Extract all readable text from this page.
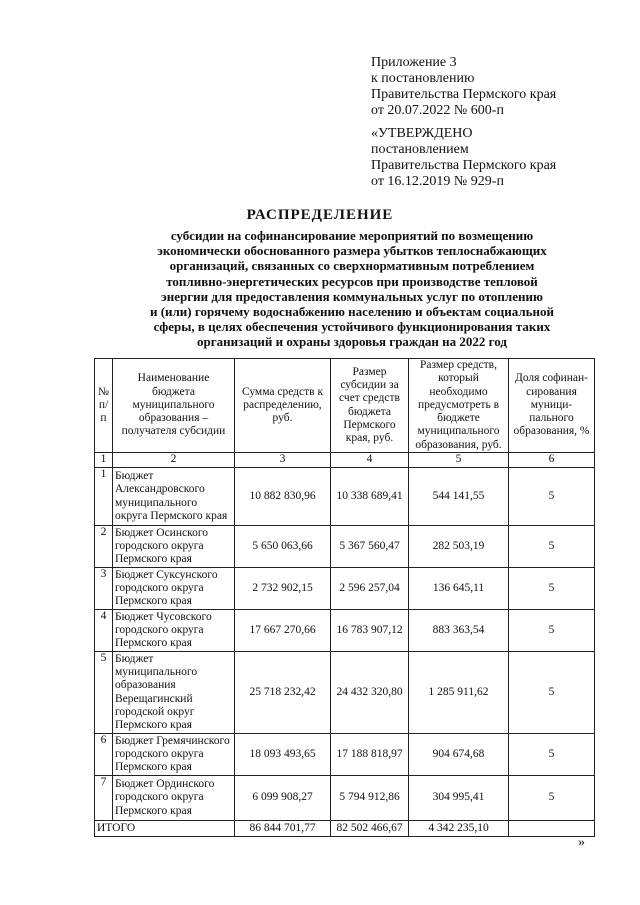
Приложение 3
к постановлению
Правительства Пермского края
от 20.07.2022 № 600-п
«УТВЕРЖДЕНО
постановлением
Правительства Пермского края
от 16.12.2019 № 929-п
РАСПРЕДЕЛЕНИЕ
субсидии на софинансирование мероприятий по возмещению
экономически обоснованного размера убытков теплоснабжающих
организаций, связанных со сверхнормативным потреблением
топливно-энергетических ресурсов при производстве тепловой
энергии для предоставления коммунальных услуг по отоплению
и (или) горячему водоснабжению населению и объектам социальной
сферы, в целях обеспечения устойчивого функционирования таких
организаций и охраны здоровья граждан на 2022 год
№ п/п	Наименование бюджета муниципального образования – получателя субсидии	Сумма средств к распределению, руб.	Размер субсидии за счет средств бюджета Пермского края, руб.	Размер средств, который необходимо предусмотреть в бюджете муниципального образования, руб.	Доля софинан-сирования муници-пального образования, %
1	2	3	4	5	6
1	Бюджет Александровского муниципального округа Пермского края	10 882 830,96	10 338 689,41	544 141,55	5
2	Бюджет Осинского городского округа Пермского края	5 650 063,66	5 367 560,47	282 503,19	5
3	Бюджет Суксунского городского округа Пермского края	2 732 902,15	2 596 257,04	136 645,11	5
4	Бюджет Чусовского городского округа Пермского края	17 667 270,66	16 783 907,12	883 363,54	5
5	Бюджет муниципального образования Верещагинский городской округ Пермского края	25 718 232,42	24 432 320,80	1 285 911,62	5
6	Бюджет Гремячинского городского округа Пермского края	18 093 493,65	17 188 818,97	904 674,68	5
7	Бюджет Ординского городского округа Пермского края	6 099 908,27	5 794 912,86	304 995,41	5
ИТОГО		86 844 701,77	82 502 466,67	4 342 235,10	
»
